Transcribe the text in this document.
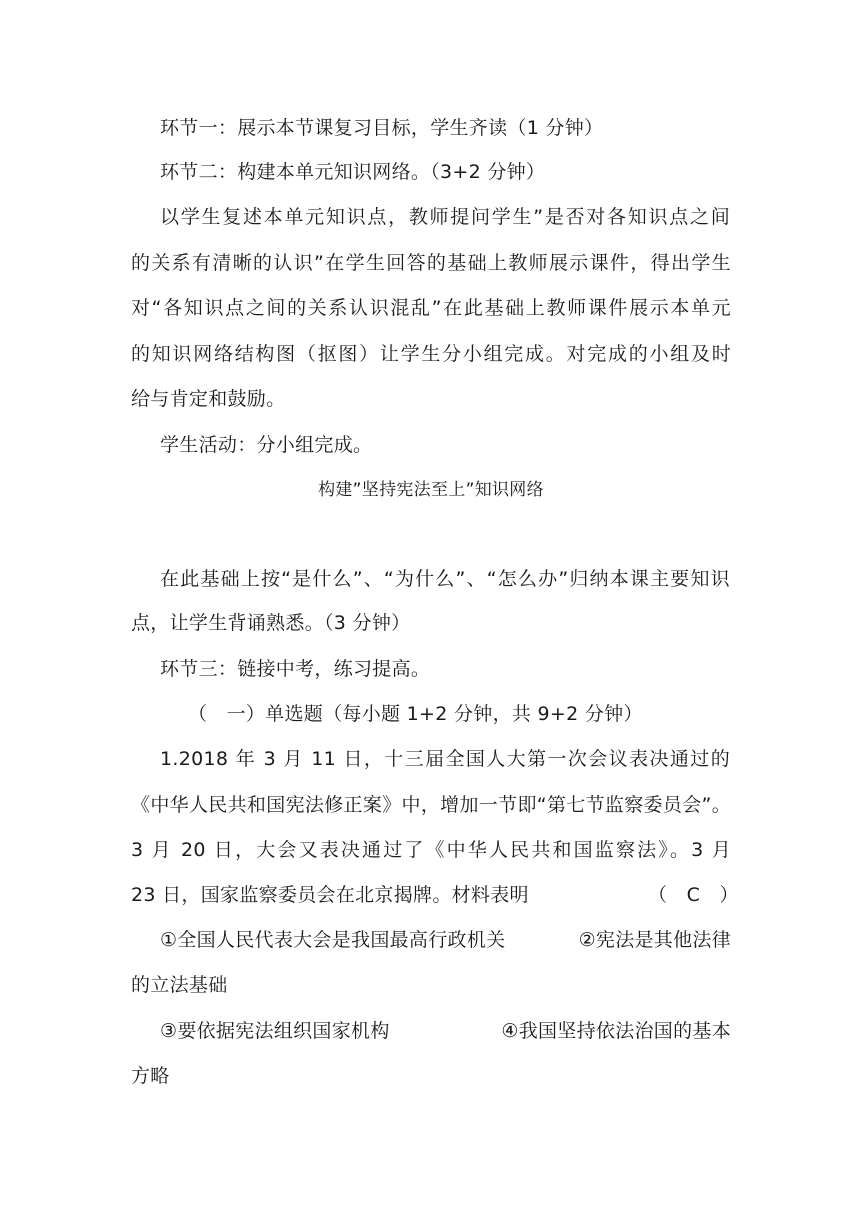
环节一：展示本节课复习目标，学生齐读（1 分钟）
环节二：构建本单元知识网络。（3+2 分钟）
以学生复述本单元知识点，教师提问学生”是否对各知识点之间
的关系有清晰的认识”在学生回答的基础上教师展示课件，得出学生
对“各知识点之间的关系认识混乱”在此基础上教师课件展示本单元
的知识网络结构图（抠图）让学生分小组完成。对完成的小组及时
给与肯定和鼓励。
学生活动：分小组完成。
构建”坚持宪法至上”知识网络
在此基础上按“是什么”、“为什么”、“怎么办”归纳本课主要知识
点，让学生背诵熟悉。（3 分钟）
环节三：链接中考，练习提高。
（　一）单选题（每小题 1+2 分钟，共 9+2 分钟）
1.2018 年 3 月 11 日，十三届全国人大第一次会议表决通过的
《中华人民共和国宪法修正案》中，增加一节即“第七节监察委员会”。
3 月 20 日，大会又表决通过了《中华人民共和国监察法》。3 月
23 日，国家监察委员会在北京揭牌。材料表明	（　C　）
①全国人民代表大会是我国最高行政机关	②宪法是其他法律
的立法基础
③要依据宪法组织国家机构	④我国坚持依法治国的基本
方略
